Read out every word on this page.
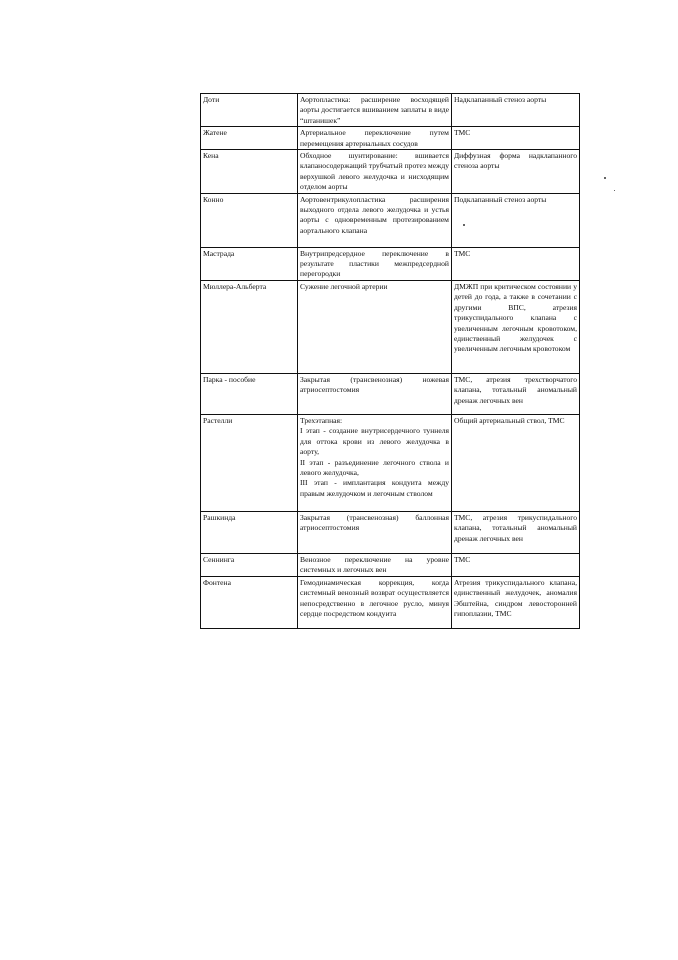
Доти	Аортопластика: расширение восходящей аорты достигается вшиванием заплаты в виде “штанишек”	Надклапанный стеноз аорты
Жатене	Артериальное переключение путем перемещения артериальных сосудов	ТМС
Кена	Обходное шунтирование: вшивается клапаносодержащий трубчатый протез между верхушкой левого желудочка и нисходящим отделом аорты	Диффузная форма надклапанного стеноза аорты
Конно	Аортовентрикулопластика расширения выходного отдела левого желудочка и устья аорты с одновременным протезированием аортального клапана	Подклапанный стеноз аорты
Мастрада	Внутрипредсердное переключение в результате пластики межпредсердной перегородки	ТМС
Мюллера-Альберта	Сужение легочной артерии	ДМЖП при критическом состоянии у детей до года, а также в сочетании с другими ВПС, атрезия трикуспидального клапана с увеличенным легочным кровотоком, единственный желудочек с увеличенным легочным кровотоком
Парка - пособие	Закрытая (трансвенозная) ножевая атриосептостомия	ТМС, атрезия трехстворчатого клапана, тотальный аномальный дренаж легочных вен
Растелли	Трехэтапная:
I этап - создание внутрисердечного туннеля для оттока крови из левого желудочка в аорту,
II этап - разъединение легочного ствола и левого желудочка,
III этап - имплантация кондуита между правым желудочком и легочным стволом	Общий артериальный ствол, ТМС
Рашкинда	Закрытая (трансвенозная) баллонная атриосептостомия	ТМС, атрезия трикуспидального клапана, тотальный аномальный дренаж легочных вен
Сеннинга	Венозное переключение на уровне системных и легочных вен	ТМС
Фонтена	Гемодинамическая коррекция, когда системный венозный возврат осуществляется непосредственно в легочное русло, минуя сердце посредством кондуита	Атрезия трикуспидального клапана, единственный желудочек, аномалия Эбштейна, синдром левосторонней гипоплазии, ТМС
